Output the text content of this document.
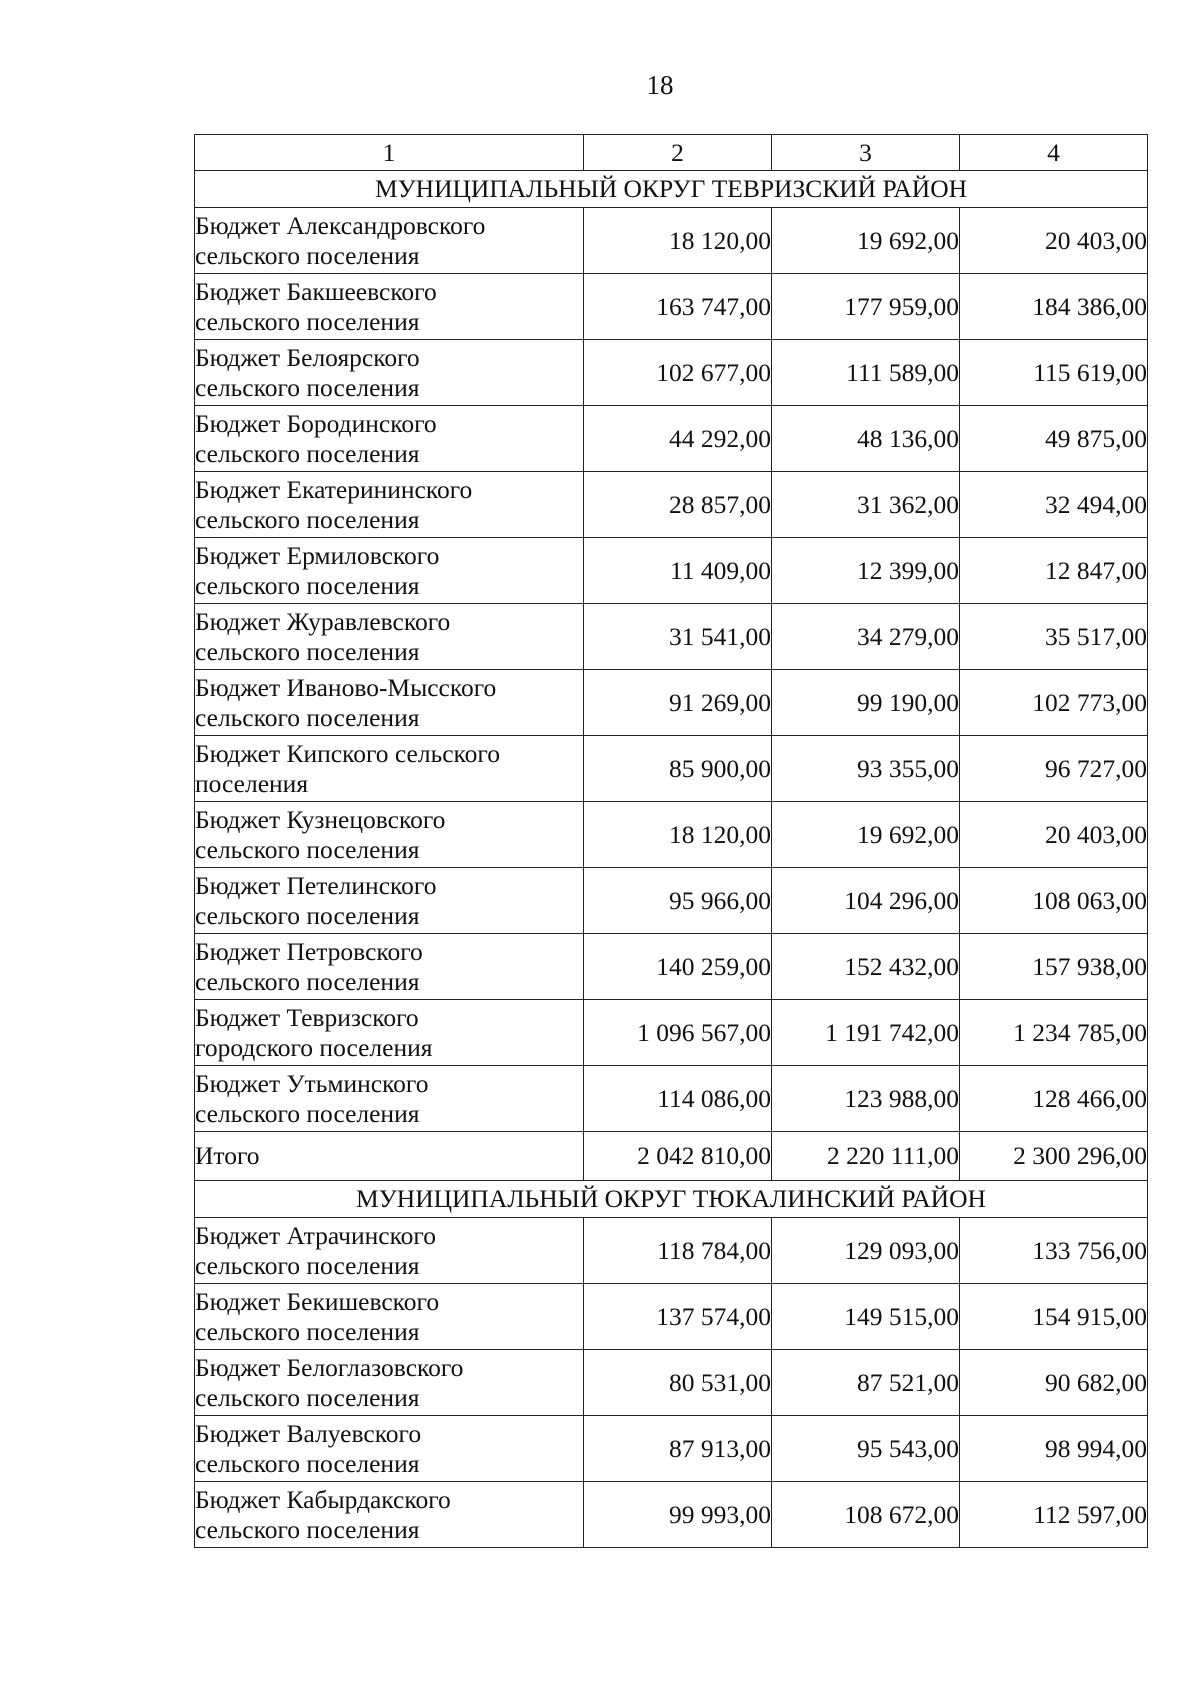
18
1	2	3	4
МУНИЦИПАЛЬНЫЙ ОКРУГ ТЕВРИЗСКИЙ РАЙОН			

Бюджет Александровского
сельского поселения	18 120,00	19 692,00	20 403,00

Бюджет Бакшеевского
сельского поселения	163 747,00	177 959,00	184 386,00

Бюджет Белоярского
сельского поселения	102 677,00	111 589,00	115 619,00

Бюджет Бородинского
сельского поселения	44 292,00	48 136,00	49 875,00

Бюджет Екатерининского
сельского поселения	28 857,00	31 362,00	32 494,00

Бюджет Ермиловского
сельского поселения	11 409,00	12 399,00	12 847,00

Бюджет Журавлевского
сельского поселения	31 541,00	34 279,00	35 517,00

Бюджет Иваново-Мысского
сельского поселения	91 269,00	99 190,00	102 773,00

Бюджет Кипского сельского
поселения	85 900,00	93 355,00	96 727,00

Бюджет Кузнецовского
сельского поселения	18 120,00	19 692,00	20 403,00

Бюджет Петелинского
сельского поселения	95 966,00	104 296,00	108 063,00

Бюджет Петровского
сельского поселения	140 259,00	152 432,00	157 938,00

Бюджет Тевризского
городского поселения	1 096 567,00	1 191 742,00	1 234 785,00

Бюджет Утьминского
сельского поселения	114 086,00	123 988,00	128 466,00
Итого	2 042 810,00	2 220 111,00	2 300 296,00
МУНИЦИПАЛЬНЫЙ ОКРУГ ТЮКАЛИНСКИЙ РАЙОН			

Бюджет Атрачинского
сельского поселения	118 784,00	129 093,00	133 756,00

Бюджет Бекишевского
сельского поселения	137 574,00	149 515,00	154 915,00

Бюджет Белоглазовского
сельского поселения	80 531,00	87 521,00	90 682,00

Бюджет Валуевского
сельского поселения	87 913,00	95 543,00	98 994,00

Бюджет Кабырдакского
сельского поселения	99 993,00	108 672,00	112 597,00
